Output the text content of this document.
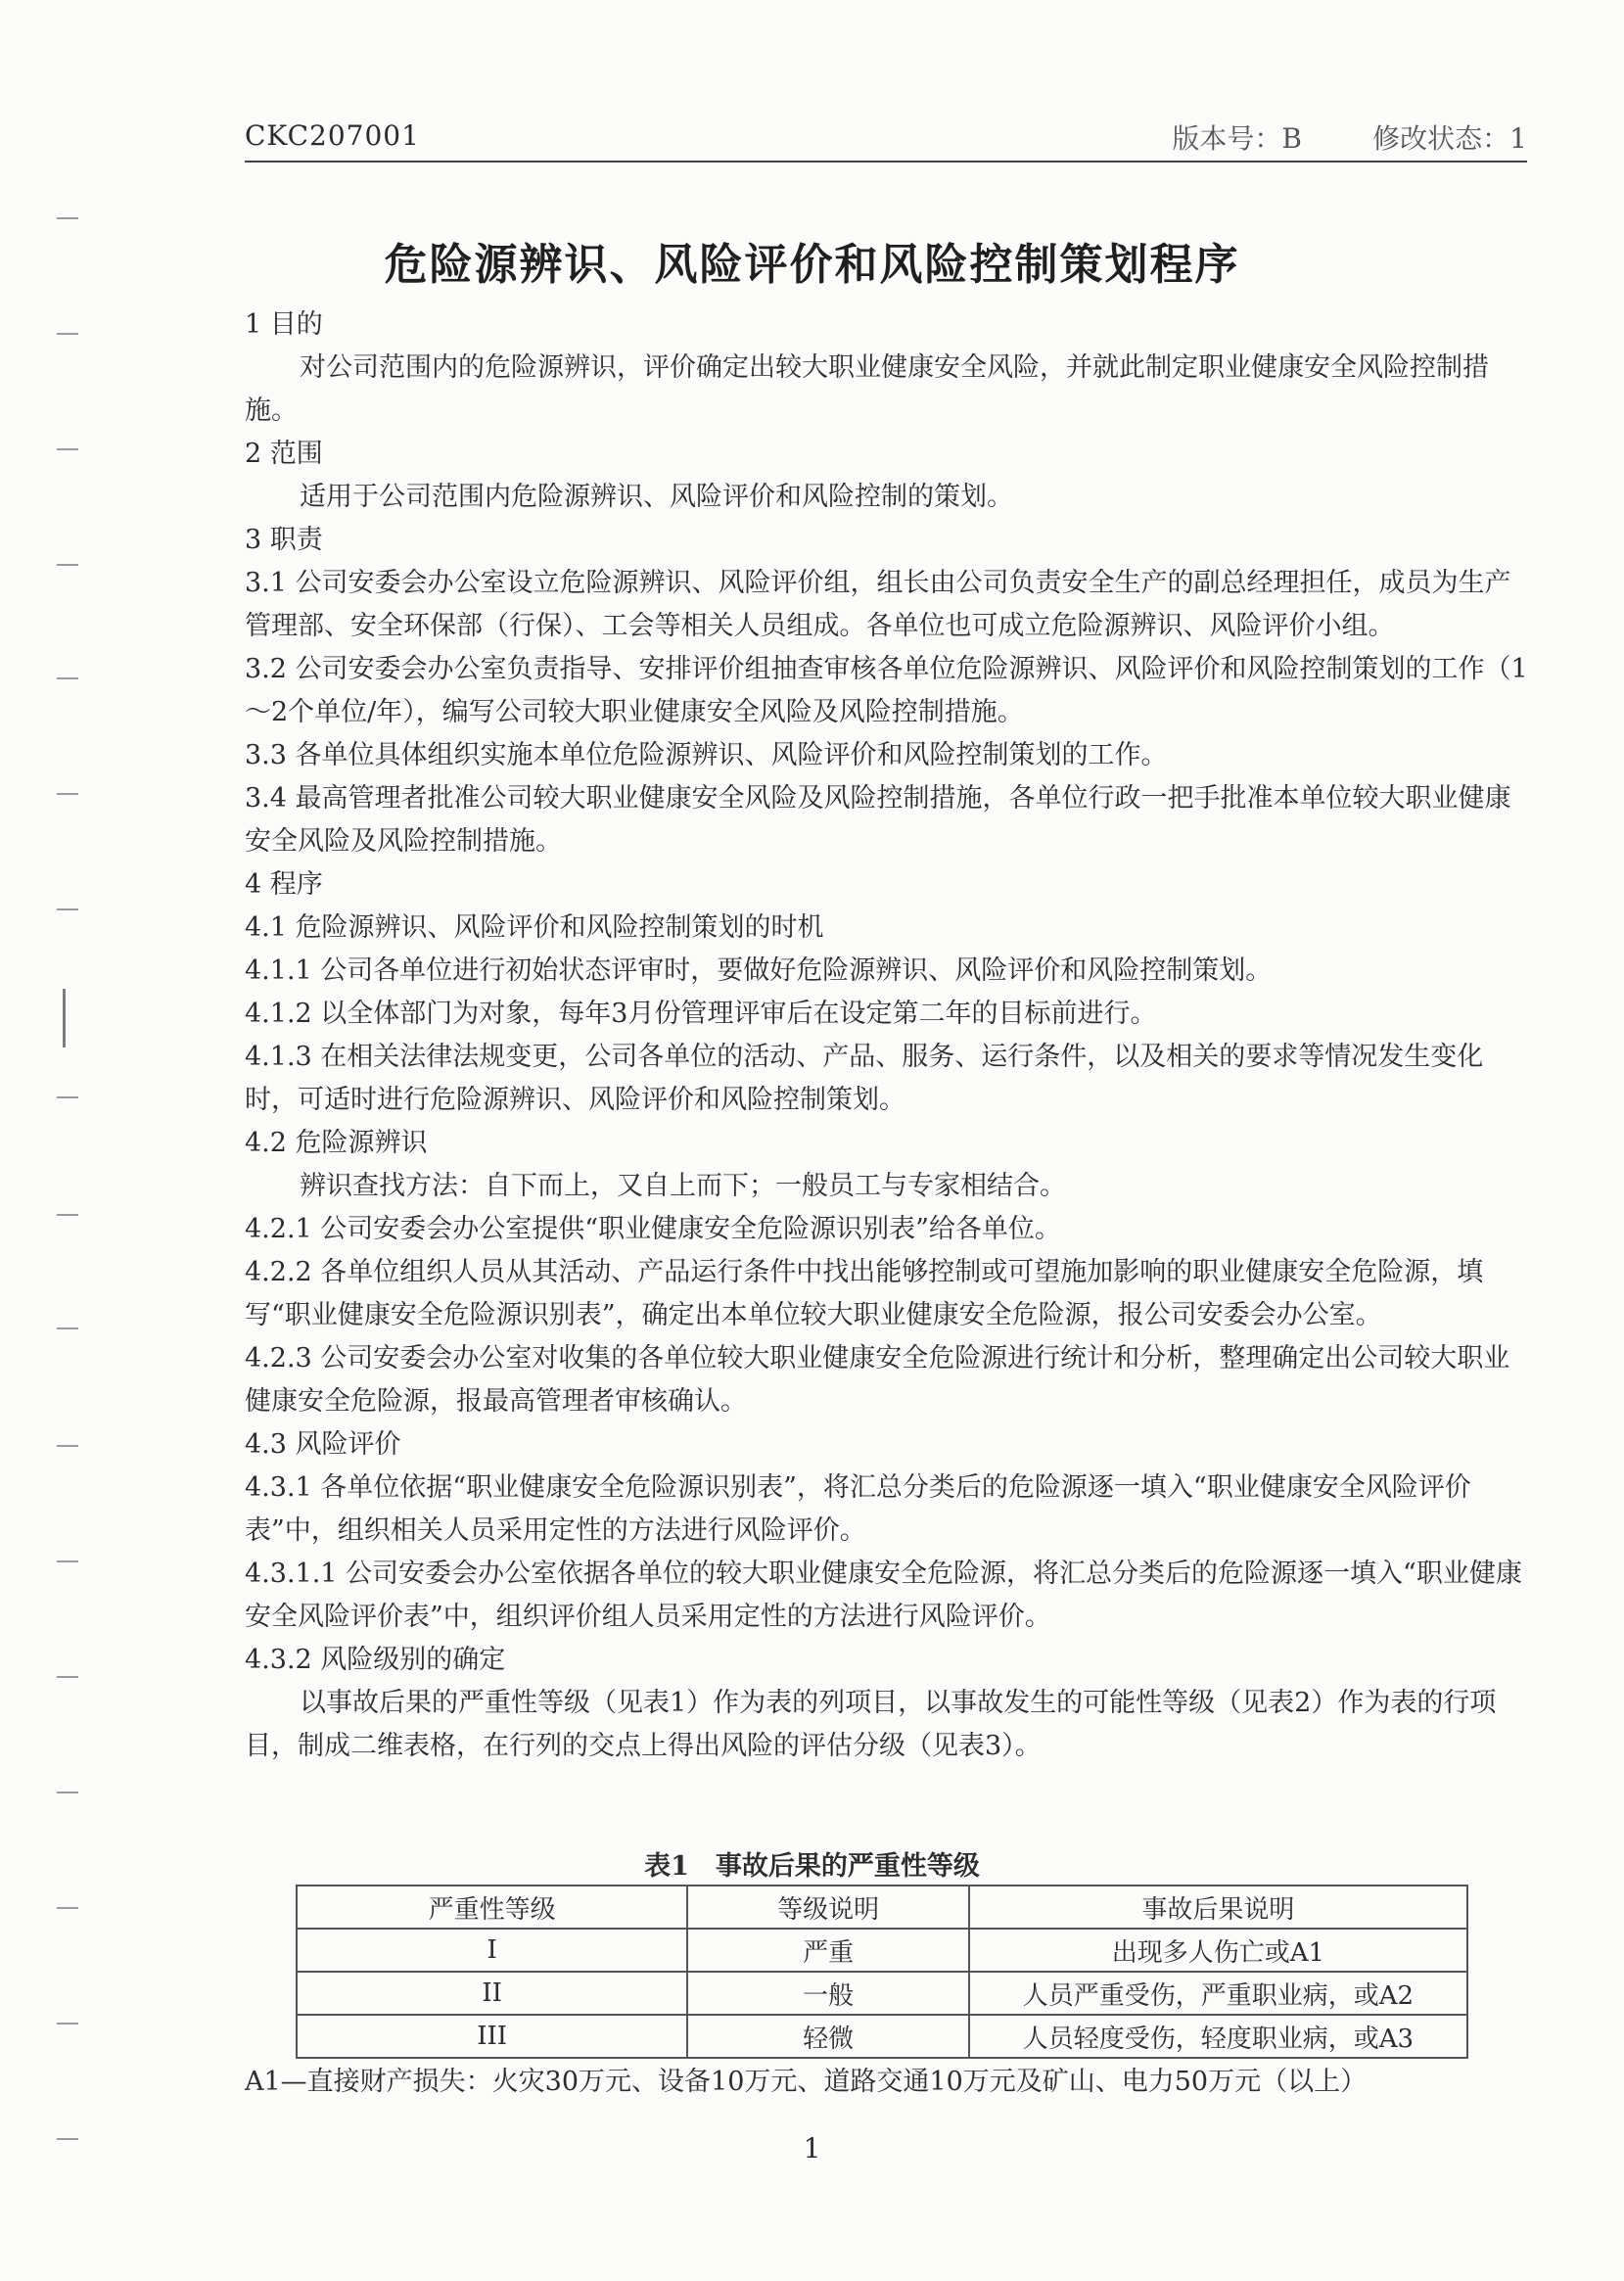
CKC207001	版本号：B	修改状态：1
危险源辨识、风险评价和风险控制策划程序

1 目的

对公司范围内的危险源辨识，评价确定出较大职业健康安全风险，并就此制定职业健康安全风险控制措施。

2 范围

适用于公司范围内危险源辨识、风险评价和风险控制的策划。

3 职责

3.1 公司安委会办公室设立危险源辨识、风险评价组，组长由公司负责安全生产的副总经理担任，成员为生产管理部、安全环保部（行保）、工会等相关人员组成。各单位也可成立危险源辨识、风险评价小组。

3.2 公司安委会办公室负责指导、安排评价组抽查审核各单位危险源辨识、风险评价和风险控制策划的工作（1～2个单位/年），编写公司较大职业健康安全风险及风险控制措施。

3.3 各单位具体组织实施本单位危险源辨识、风险评价和风险控制策划的工作。

3.4 最高管理者批准公司较大职业健康安全风险及风险控制措施，各单位行政一把手批准本单位较大职业健康安全风险及风险控制措施。

4 程序

4.1 危险源辨识、风险评价和风险控制策划的时机

4.1.1 公司各单位进行初始状态评审时，要做好危险源辨识、风险评价和风险控制策划。

4.1.2 以全体部门为对象，每年3月份管理评审后在设定第二年的目标前进行。

4.1.3 在相关法律法规变更，公司各单位的活动、产品、服务、运行条件，以及相关的要求等情况发生变化时，可适时进行危险源辨识、风险评价和风险控制策划。

4.2 危险源辨识

辨识查找方法：自下而上，又自上而下；一般员工与专家相结合。

4.2.1 公司安委会办公室提供“职业健康安全危险源识别表”给各单位。

4.2.2 各单位组织人员从其活动、产品运行条件中找出能够控制或可望施加影响的职业健康安全危险源，填写“职业健康安全危险源识别表”，确定出本单位较大职业健康安全危险源，报公司安委会办公室。

4.2.3 公司安委会办公室对收集的各单位较大职业健康安全危险源进行统计和分析，整理确定出公司较大职业健康安全危险源，报最高管理者审核确认。

4.3 风险评价

4.3.1 各单位依据“职业健康安全危险源识别表”，将汇总分类后的危险源逐一填入“职业健康安全风险评价表”中，组织相关人员采用定性的方法进行风险评价。

4.3.1.1 公司安委会办公室依据各单位的较大职业健康安全危险源，将汇总分类后的危险源逐一填入“职业健康安全风险评价表”中，组织评价组人员采用定性的方法进行风险评价。

4.3.2 风险级别的确定

以事故后果的严重性等级（见表1）作为表的列项目，以事故发生的可能性等级（见表2）作为表的行项目，制成二维表格，在行列的交点上得出风险的评估分级（见表3）。

表1　事故后果的严重性等级
严重性等级	等级说明	事故后果说明
I	严重	出现多人伤亡或A1
II	一般	人员严重受伤，严重职业病，或A2
III	轻微	人员轻度受伤，轻度职业病，或A3
A1—直接财产损失：火灾30万元、设备10万元、道路交通10万元及矿山、电力50万元（以上）
1
